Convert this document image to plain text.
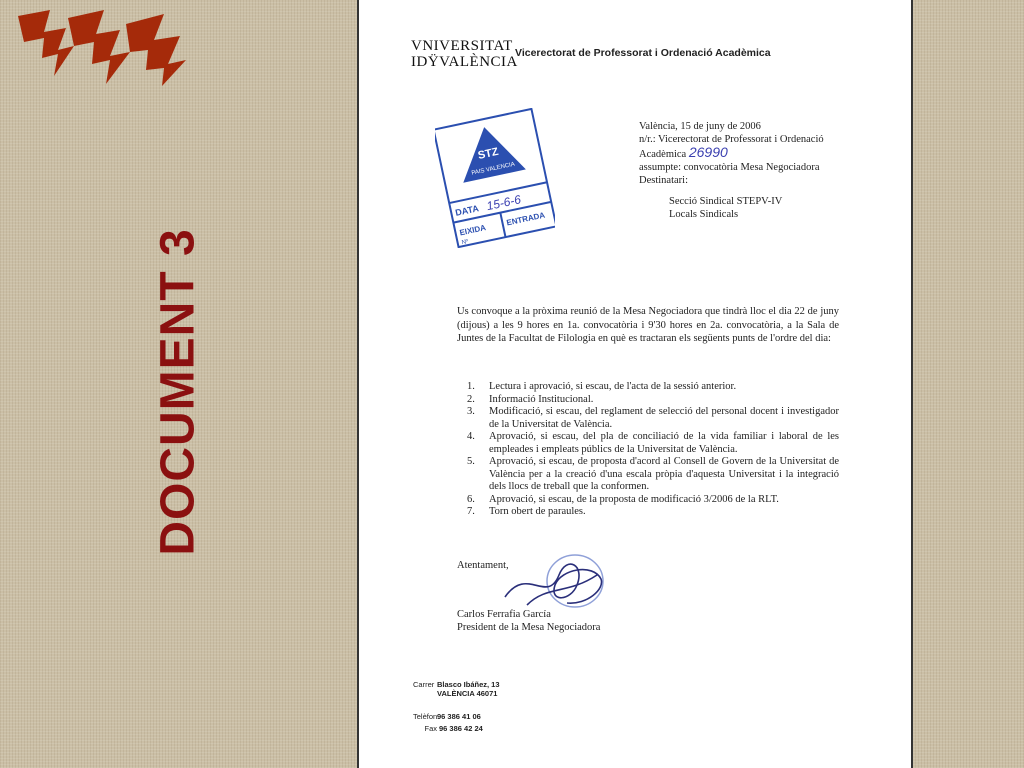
DOCUMENT 3
VNIVERSITAT
IDŸVALÈNCIA
Vicerectorat de Professorat i Ordenació Acadèmica
STZ
PAIS VALENCIA
DATA 15-6-6
EIXIDA
ENTRADA
Nº
València, 15 de juny de 2006
n/r.: Vicerectorat de Professorat i Ordenació
Acadèmica 26990
assumpte: convocatòria Mesa Negociadora
Destinatari:
Secció Sindical STEPV-IV
Locals Sindicals
Us convoque a la pròxima reunió de la Mesa Negociadora que tindrà lloc el dia 22 de juny (dijous) a les 9 hores en 1a. convocatòria i 9'30 hores en 2a. convocatòria, a la Sala de Juntes de la Facultat de Filologia en què es tractaran els següents punts de l'ordre del dia:
1.	Lectura i aprovació, si escau, de l'acta de la sessió anterior.
2.	Informació Institucional.
3.	Modificació, si escau, del reglament de selecció del personal docent i investigador de la Universitat de València.
4.	Aprovació, si escau, del pla de conciliació de la vida familiar i laboral de les empleades i empleats públics de la Universitat de València.
5.	Aprovació, si escau, de proposta d'acord al Consell de Govern de la Universitat de València per a la creació d'una escala pròpia d'aquesta Universitat i la integració dels llocs de treball que la conformen.
6.	Aprovació, si escau, de la proposta de modificació 3/2006 de la RLT.
7.	Torn obert de paraules.
Atentament,
Carlos Ferrafia García
President de la Mesa Negociadora
Carrer Blasco Ibáñez, 13
VALÈNCIA 46071
Telèfon 96 386 41 06
Fax 96 386 42 24
